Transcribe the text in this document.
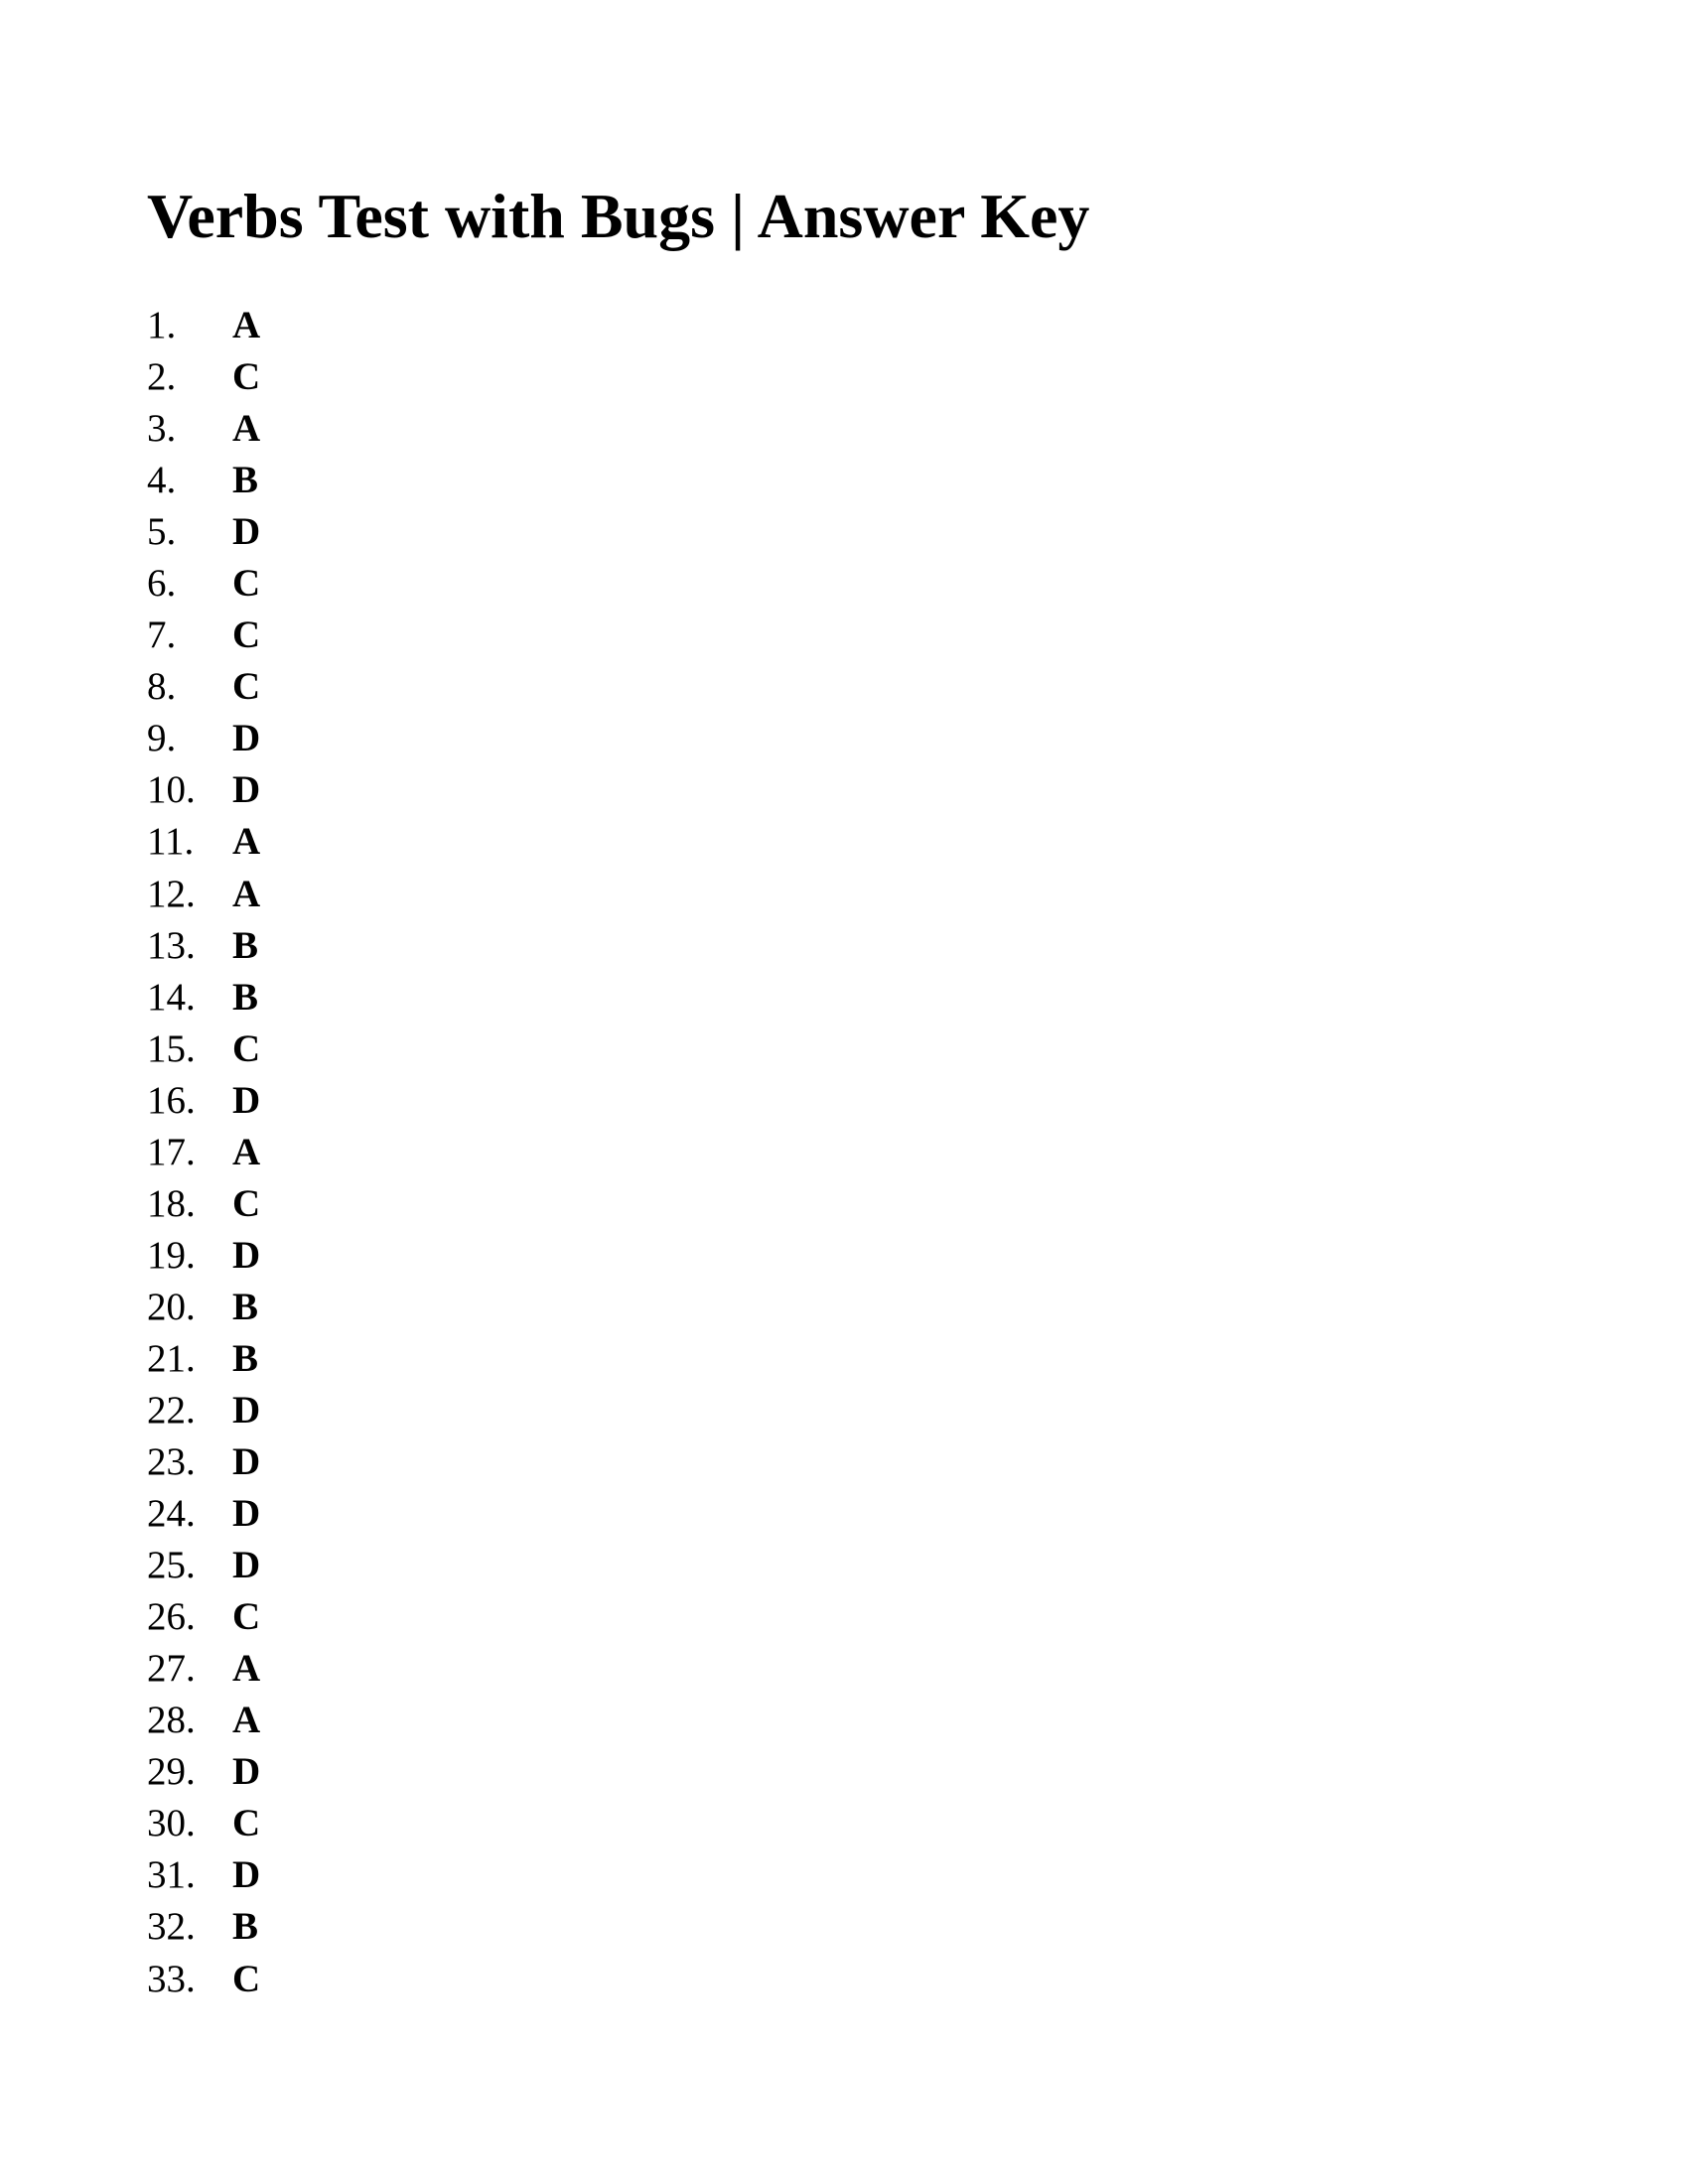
Verbs Test with Bugs | Answer Key
1.	A
2.	C
3.	A
4.	B
5.	D
6.	C
7.	C
8.	C
9.	D
10. D
11. A
12. A
13. B
14. B
15. C
16. D
17. A
18. C
19. D
20. B
21. B
22. D
23. D
24. D
25. D
26. C
27. A
28. A
29. D
30. C
31. D
32. B
33. C
